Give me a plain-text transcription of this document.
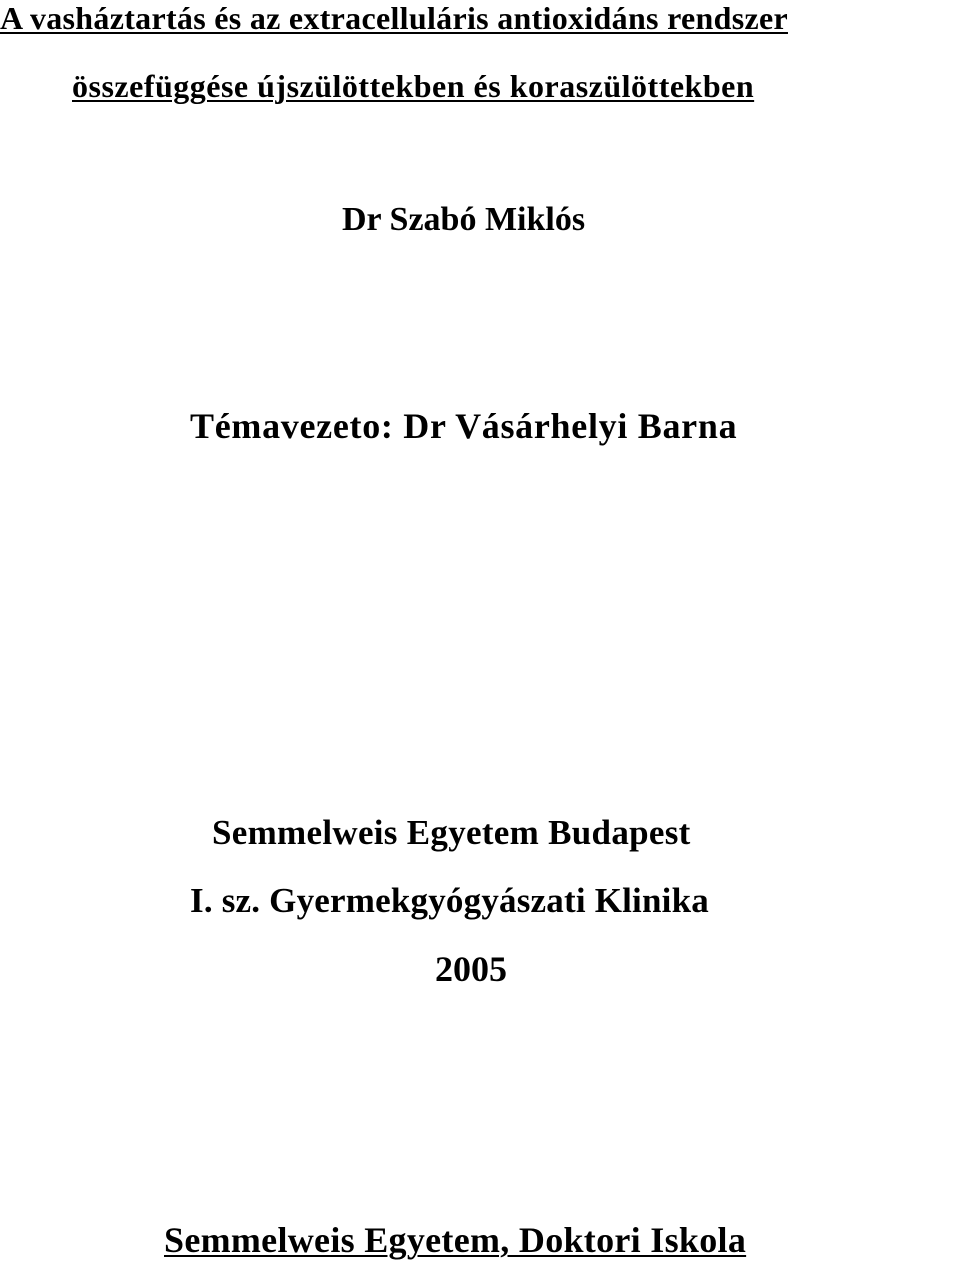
A vasháztartás és az extracelluláris antioxidáns rendszer
összefüggése újszülöttekben és koraszülöttekben
Dr Szabó Miklós
Témavezeto: Dr Vásárhelyi Barna
Semmelweis Egyetem Budapest
I. sz. Gyermekgyógyászati Klinika
2005
Semmelweis Egyetem, Doktori Iskola
